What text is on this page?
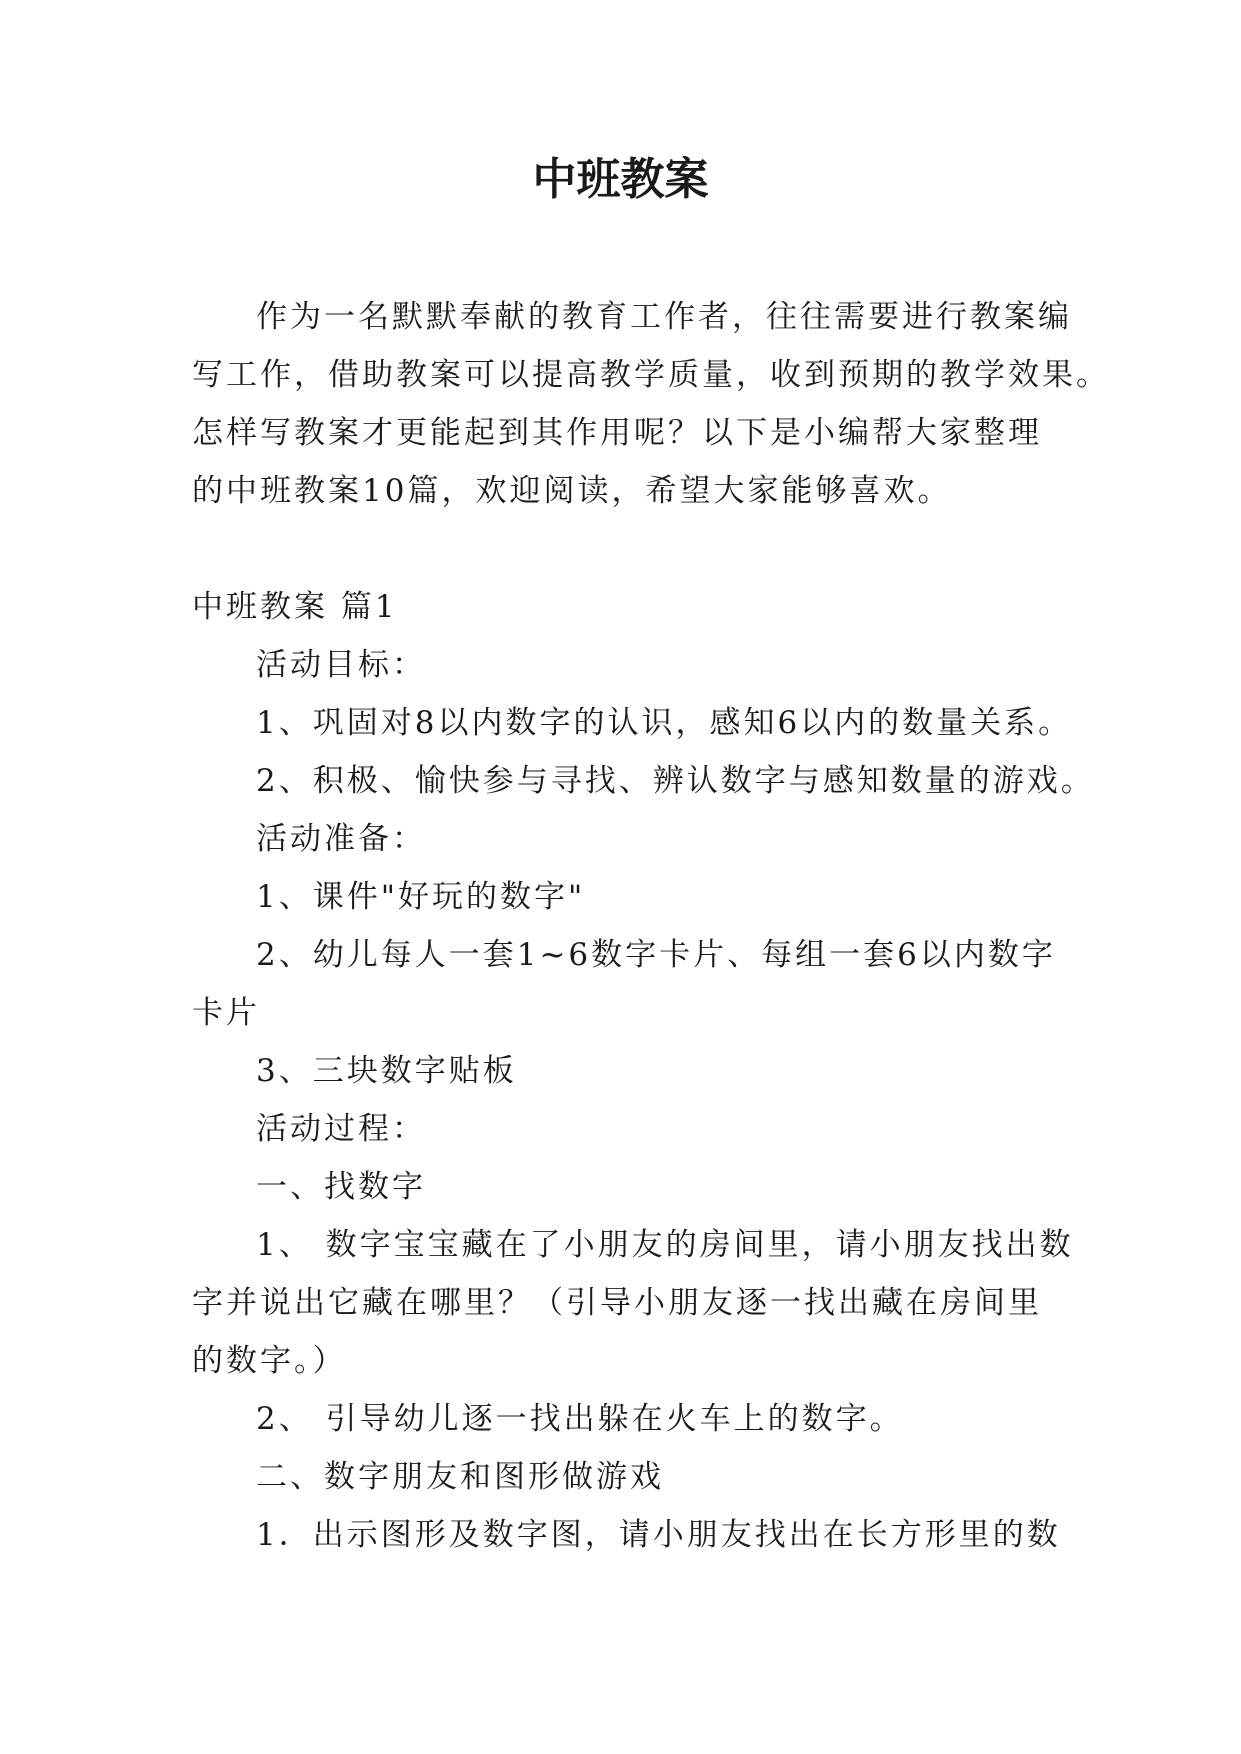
中班教案

作为一名默默奉献的教育工作者，往往需要进行教案编

写工作，借助教案可以提高教学质量，收到预期的教学效果。

怎样写教案才更能起到其作用呢？以下是小编帮大家整理

的中班教案10篇，欢迎阅读，希望大家能够喜欢。

中班教案 篇1

活动目标：

1、巩固对8以内数字的认识，感知6以内的数量关系。

2、积极、愉快参与寻找、辨认数字与感知数量的游戏。

活动准备：

1、课件"好玩的数字"

2、幼儿每人一套1~6数字卡片、每组一套6以内数字

卡片

3、三块数字贴板

活动过程：

一、找数字

1、 数字宝宝藏在了小朋友的房间里，请小朋友找出数

字并说出它藏在哪里？（引导小朋友逐一找出藏在房间里

的数字。）

2、 引导幼儿逐一找出躲在火车上的数字。

二、数字朋友和图形做游戏

1．出示图形及数字图，请小朋友找出在长方形里的数
